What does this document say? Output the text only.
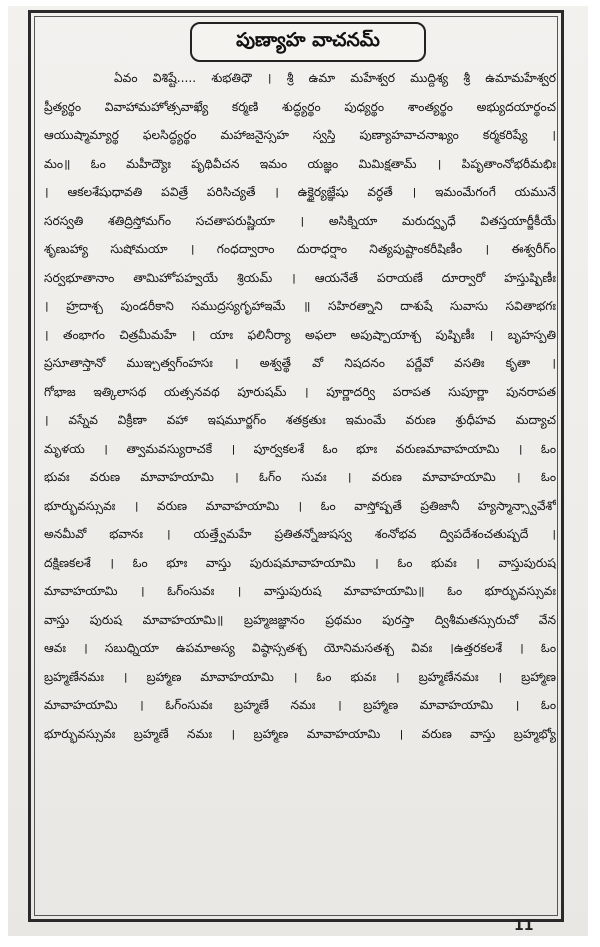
పుణ్యాహ వాచనమ్
ఏవం విశిష్టే..... శుభతిధౌ । శ్రీ ఉమా మహేశ్వర ముద్దిశ్య శ్రీ ఉమామహేశ్వర
ప్రీత్యర్థం వివాహామహోత్సవాఖ్యే కర్మణి శుద్ధ్యర్థం పుధ్యర్థం శాంత్యర్థం అభ్యుదయార్థంచ
ఆయుష్మామ్యార్థ ఫలసిద్ధ్యర్థం మహాజనైస్సహ స్వస్తి పుణ్యాహవాచనాఖ్యం కర్మకరిష్యే ।
మం॥ ఓం మహీద్యౌః పృథివీచన ఇమం యజ్ఞం మిమిక్షతామ్ । పిపృతాంనోభరీమభిః
। ఆకలశేషుధావతి పవిత్రే పరిసిచ్యతే । ఉక్థైర్యజ్ఞేషు వర్ధతే । ఇమంమేగంగే యమునే
సరస్వతి శతిద్రిస్తోమగ్ం సచతాపరుష్ణియా । అసిక్నియా మరుద్వృధే వితస్తయార్జీకీయే
శృణుహ్యా సుషోమయా । గంధద్వారాం దురాధర్షాం నిత్యపుష్టాంకరీషిణీం । ఈశ్వరీగ్ం
సర్వభూతానాం తామిహోపహ్వయే శ్రియమ్ । ఆయనేతే పరాయణే దూర్వారో హస్తుష్పిణీః
। హ్రదాశ్చ పుండరీకాని సముద్రస్యగృహాఇమే ॥ సహిరత్నాని దాశుషే సువాసు సవితాభగః
। తంభాగం చిత్రమీమహే । యాః ఫలినీర్యా అఫలా అపుష్పాయాశ్చ పుష్పిణీః । బృహస్పతి
ప్రసూతాస్తానో ముఞ్చత్వగ్ంహసః । అశ్వత్థే వో నిషదనం పర్ణేవో వసతిః కృతా ।
గోభాజ ఇత్కిలాసథ యత్సనవథ పూరుషమ్ । పూర్ణాదర్వి పరాపత సుపూర్ణా పునరాపత
। వస్నేవ విక్రీణా వహా ఇషమూర్జగ్ం శతక్రతుః ఇమంమే వరుణ శ్రుధీహవ మద్యాచ
మృళయ । త్వామవస్యురాచకే । పూర్వకలశే ఓం భూః వరుణమావాహయామి । ఓం
భువః వరుణ మావాహయామి । ఓగ్ం సువః । వరుణ మావాహయామి । ఓం
భూర్భువస్సువః । వరుణ మావాహయామి । ఓం వాస్తోష్పతే ప్రతిజానీ హ్యస్మాన్స్వావేశో
అనమీవో భవానః । యత్త్వేమహే ప్రతితన్నోజుషస్వ శంనోభవ ద్విపదేశంచతుష్పదే ।
దక్షిణకలశే । ఓం భూః వాస్తు పురుషమావాహయామి । ఓం భువః । వాస్తుపురుష
మావాహయామి । ఓగ్ంసువః । వాస్తుపురుష మావాహయామి॥ ఓం భూర్భువస్సువః
వాస్తు పురుష మావాహయామి॥ బ్రహ్మజజ్ఞానం ప్రథమం పురస్తా ద్విశీమతస్సురుచో వేన
ఆవః । సబుధ్నియా ఉపమాఅస్య విష్ఠాస్సతశ్చ యోనిమసతశ్చ వివః ।ఉత్తరకలశే । ఓం
బ్రహ్మణేనమః । బ్రహ్మాణ మావాహయామి । ఓం భువః । బ్రహ్మణేనమః । బ్రహ్మాణ
మావాహయామి । ఓగ్ంసువః బ్రహ్మణే నమః । బ్రహ్మాణ మావాహయామి । ఓం
భూర్భువస్సువః బ్రహ్మణే నమః । బ్రహ్మాణ మావాహయామి । వరుణ వాస్తు బ్రహ్మభ్యో
11
